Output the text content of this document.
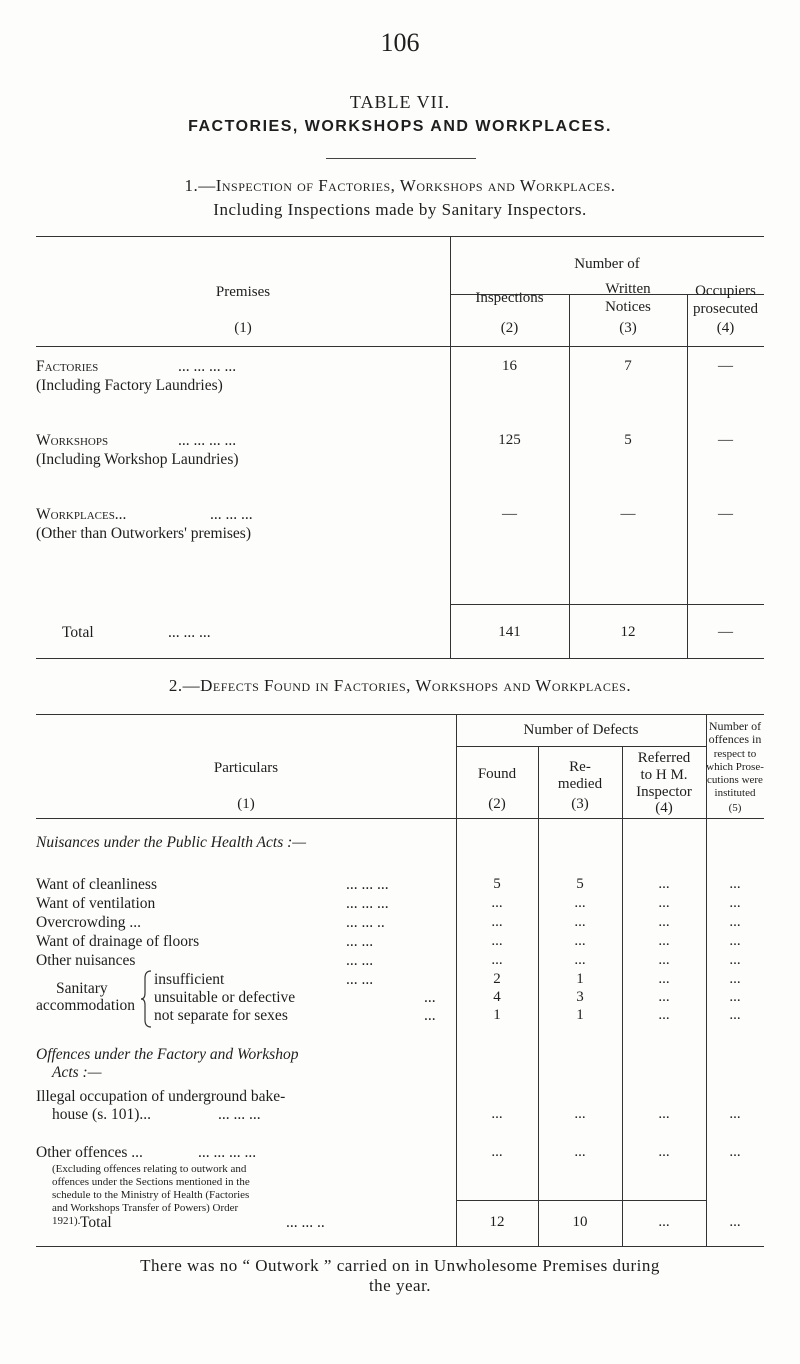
106
TABLE VII.
FACTORIES, WORKSHOPS AND WORKPLACES.
1.—Inspection of Factories, Workshops and Workplaces.
Including Inspections made by Sanitary Inspectors.
Number of
Premises
(1)
Inspections
(2)
Written
Notices
(3)
Occupiers
prosecuted
(4)
Factories	... ... ... ...
(Including Factory Laundries)
16	7	—
Workshops	... ... ... ...
(Including Workshop Laundries)
125	5	—
Workplaces...	... ... ...
(Other than Outworkers' premises)
—	—	—
Total	... ... ...	141	12	—
2.—Defects Found in Factories, Workshops and Workplaces.
Number of Defects
Particulars
(1)
Found
(2)
Re-
medied
(3)
Referred
to H M.
Inspector
(4)
Number of
offences in
respect to
which Prose-
cutions were
instituted
(5)
Nuisances under the Public Health Acts :—
Want of cleanliness	... ... ...	5	5	...	...
Want of ventilation	... ... ...	...	...	...	...
Overcrowding ...	... ... ..	...	...	...	...
Want of drainage of floors	... ...	...	...	...	...
Other nuisances	... ...	...	...	...	...
Sanitary
accommodation
insufficient	... ...	2	1	...	...
unsuitable or defective	...	4	3	...	...
not separate for sexes	...	1	1	...	...
Offences under the Factory and Workshop
Acts :—
Illegal occupation of underground bake-
house (s. 101)...	... ... ...	...	...	...	...
Other offences ...	... ... ... ...	...	...	...	...
(Excluding offences relating to outwork and
offences under the Sections mentioned in the
schedule to the Ministry of Health (Factories
and Workshops Transfer of Powers) Order
1921). Total	... ... ..	12	10	...	...
There was no “ Outwork ” carried on in Unwholesome Premises during
the year.
